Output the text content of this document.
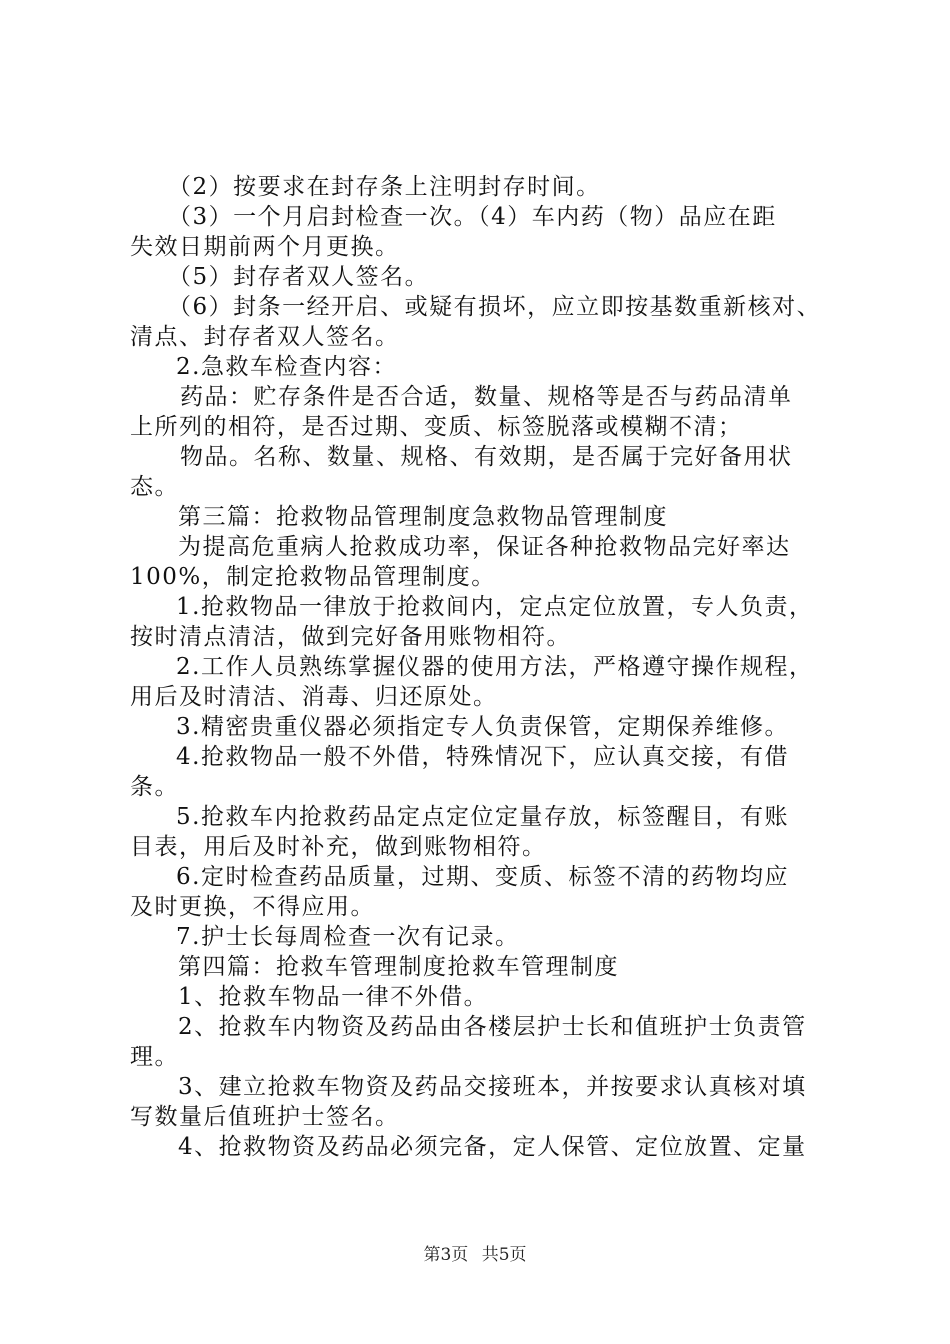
（2）按要求在封存条上注明封存时间。

（3）一个月启封检查一次。（4）车内药（物）品应在距

失效日期前两个月更换。

（5）封存者双人签名。

（6）封条一经开启、或疑有损坏，应立即按基数重新核对、

清点、封存者双人签名。

2.急救车检查内容：

药品：贮存条件是否合适，数量、规格等是否与药品清单

上所列的相符，是否过期、变质、标签脱落或模糊不清；

物品。名称、数量、规格、有效期，是否属于完好备用状

态。

第三篇：抢救物品管理制度急救物品管理制度

为提高危重病人抢救成功率，保证各种抢救物品完好率达

100%，制定抢救物品管理制度。

1.抢救物品一律放于抢救间内，定点定位放置，专人负责，

按时清点清洁，做到完好备用账物相符。

2.工作人员熟练掌握仪器的使用方法，严格遵守操作规程，

用后及时清洁、消毒、归还原处。

3.精密贵重仪器必须指定专人负责保管，定期保养维修。

4.抢救物品一般不外借，特殊情况下，应认真交接，有借

条。

5.抢救车内抢救药品定点定位定量存放，标签醒目，有账

目表，用后及时补充，做到账物相符。

6.定时检查药品质量，过期、变质、标签不清的药物均应

及时更换，不得应用。

7.护士长每周检查一次有记录。

第四篇：抢救车管理制度抢救车管理制度

1、抢救车物品一律不外借。

2、抢救车内物资及药品由各楼层护士长和值班护士负责管

理。

3、建立抢救车物资及药品交接班本，并按要求认真核对填

写数量后值班护士签名。

4、抢救物资及药品必须完备，定人保管、定位放置、定量

第3页 共5页
